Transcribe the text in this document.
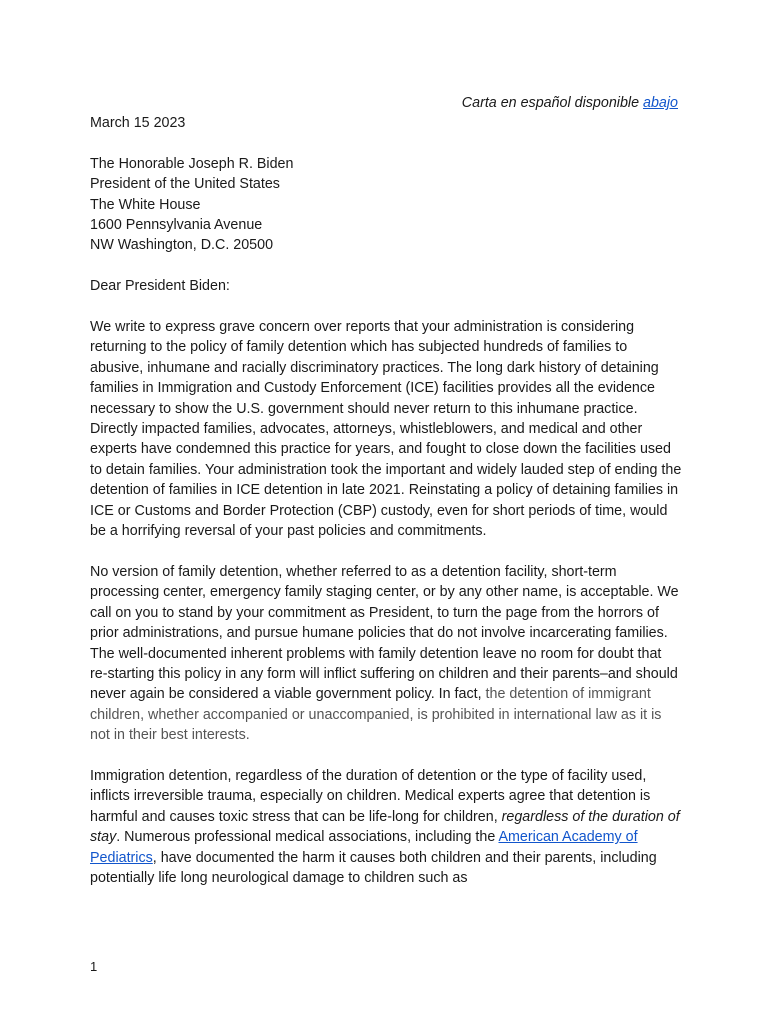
Carta en español disponible abajo

March 15 2023

The Honorable Joseph R. Biden

President of the United States

The White House

1600 Pennsylvania Avenue

NW Washington, D.C. 20500

Dear President Biden:

We write to express grave concern over reports that your administration is considering returning to the policy of family detention which has subjected hundreds of families to abusive, inhumane and racially discriminatory practices. The long dark history of detaining families in Immigration and Custody Enforcement (ICE) facilities provides all the evidence necessary to show the U.S. government should never return to this inhumane practice. Directly impacted families, advocates, attorneys, whistleblowers, and medical and other experts have condemned this practice for years, and fought to close down the facilities used to detain families. Your administration took the important and widely lauded step of ending the detention of families in ICE detention in late 2021. Reinstating a policy of detaining families in ICE or Customs and Border Protection (CBP) custody, even for short periods of time, would be a horrifying reversal of your past policies and commitments.

No version of family detention, whether referred to as a detention facility, short-term processing center, emergency family staging center, or by any other name, is acceptable. We call on you to stand by your commitment as President, to turn the page from the horrors of prior administrations, and pursue humane policies that do not involve incarcerating families. The well-documented inherent problems with family detention leave no room for doubt that re-starting this policy in any form will inflict suffering on children and their parents–and should never again be considered a viable government policy. In fact, the detention of immigrant children, whether accompanied or unaccompanied, is prohibited in international law as it is not in their best interests.

Immigration detention, regardless of the duration of detention or the type of facility used, inflicts irreversible trauma, especially on children. Medical experts agree that detention is harmful and causes toxic stress that can be life-long for children, regardless of the duration of stay. Numerous professional medical associations, including the American Academy of Pediatrics, have documented the harm it causes both children and their parents, including potentially life long neurological damage to children such as

1
